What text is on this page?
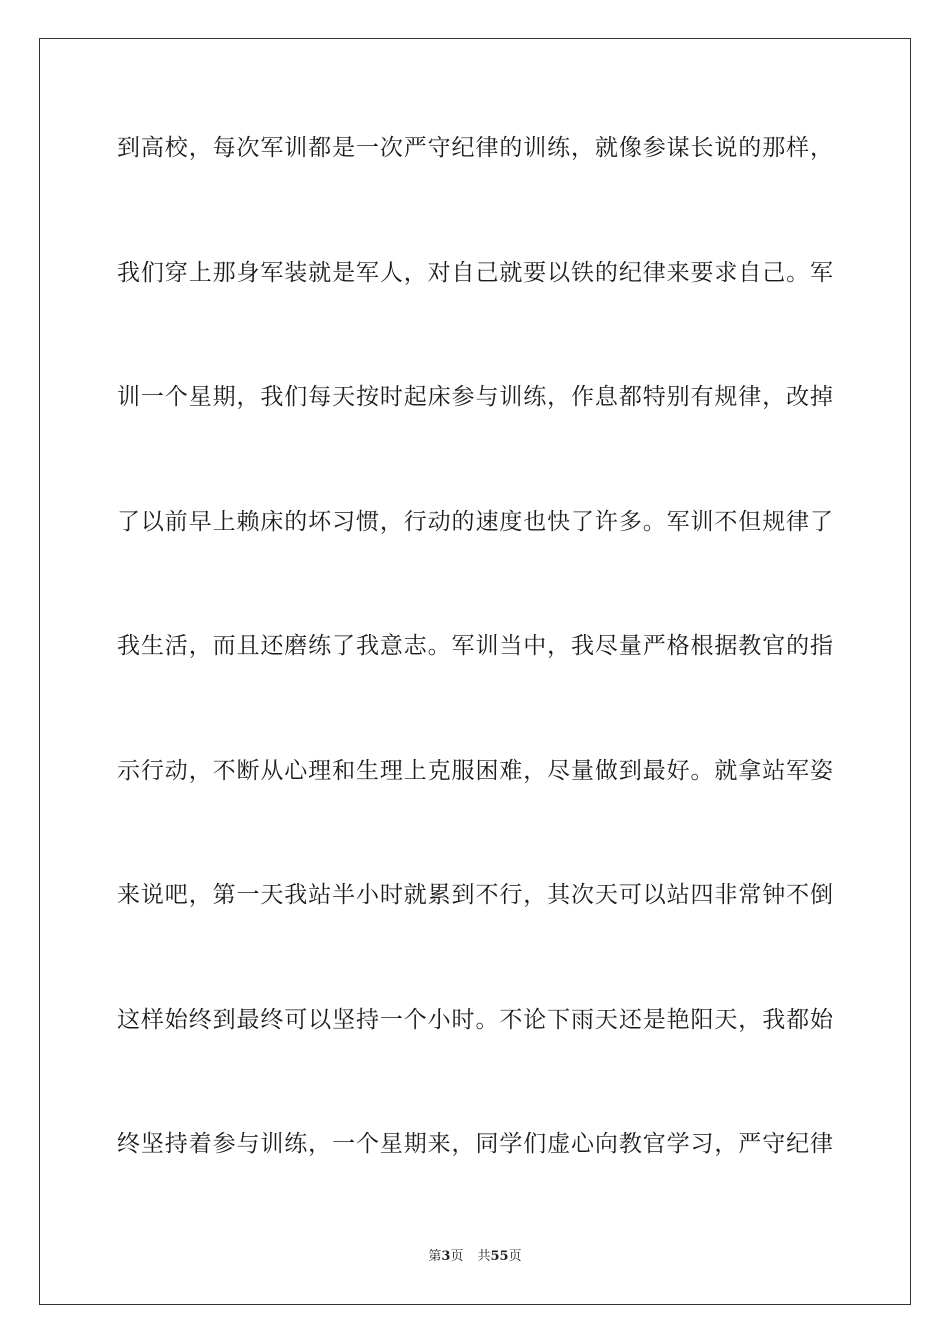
到高校，每次军训都是一次严守纪律的训练，就像参谋长说的那样，
我们穿上那身军装就是军人，对自己就要以铁的纪律来要求自己。军
训一个星期，我们每天按时起床参与训练，作息都特别有规律，改掉
了以前早上赖床的坏习惯，行动的速度也快了许多。军训不但规律了
我生活，而且还磨练了我意志。军训当中，我尽量严格根据教官的指
示行动，不断从心理和生理上克服困难，尽量做到最好。就拿站军姿
来说吧，第一天我站半小时就累到不行，其次天可以站四非常钟不倒
这样始终到最终可以坚持一个小时。不论下雨天还是艳阳天，我都始
终坚持着参与训练，一个星期来，同学们虚心向教官学习，严守纪律
第3页 共55页
